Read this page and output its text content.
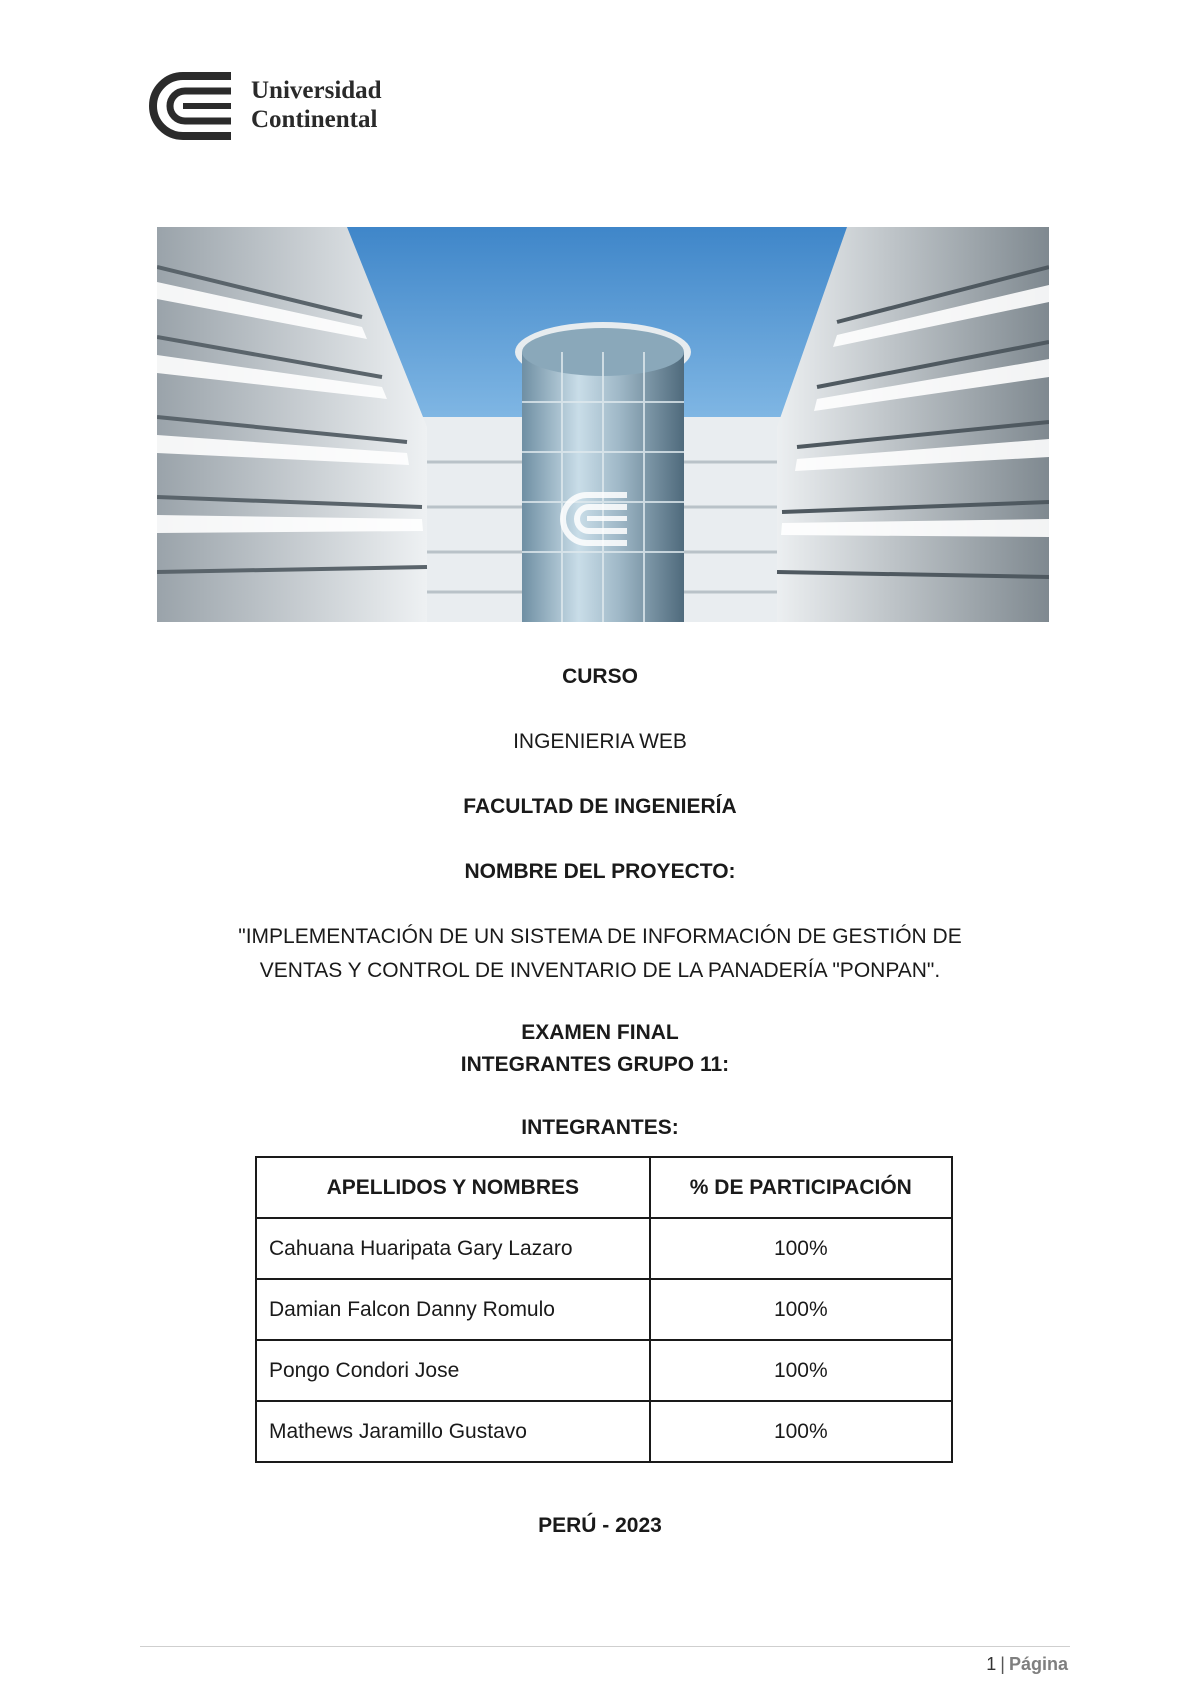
Universidad
Continental
CURSO
INGENIERIA WEB
FACULTAD DE INGENIERÍA
NOMBRE DEL PROYECTO:
"IMPLEMENTACIÓN DE UN SISTEMA DE INFORMACIÓN DE GESTIÓN DE
VENTAS Y CONTROL DE INVENTARIO DE LA PANADERÍA "PONPAN".
EXAMEN FINAL
INTEGRANTES GRUPO 11:
INTEGRANTES:
APELLIDOS Y NOMBRES	% DE PARTICIPACIÓN
Cahuana Huaripata Gary Lazaro	100%
Damian Falcon Danny Romulo	100%
Pongo Condori Jose	100%
Mathews Jaramillo Gustavo	100%
PERÚ - 2023
1 | Página
